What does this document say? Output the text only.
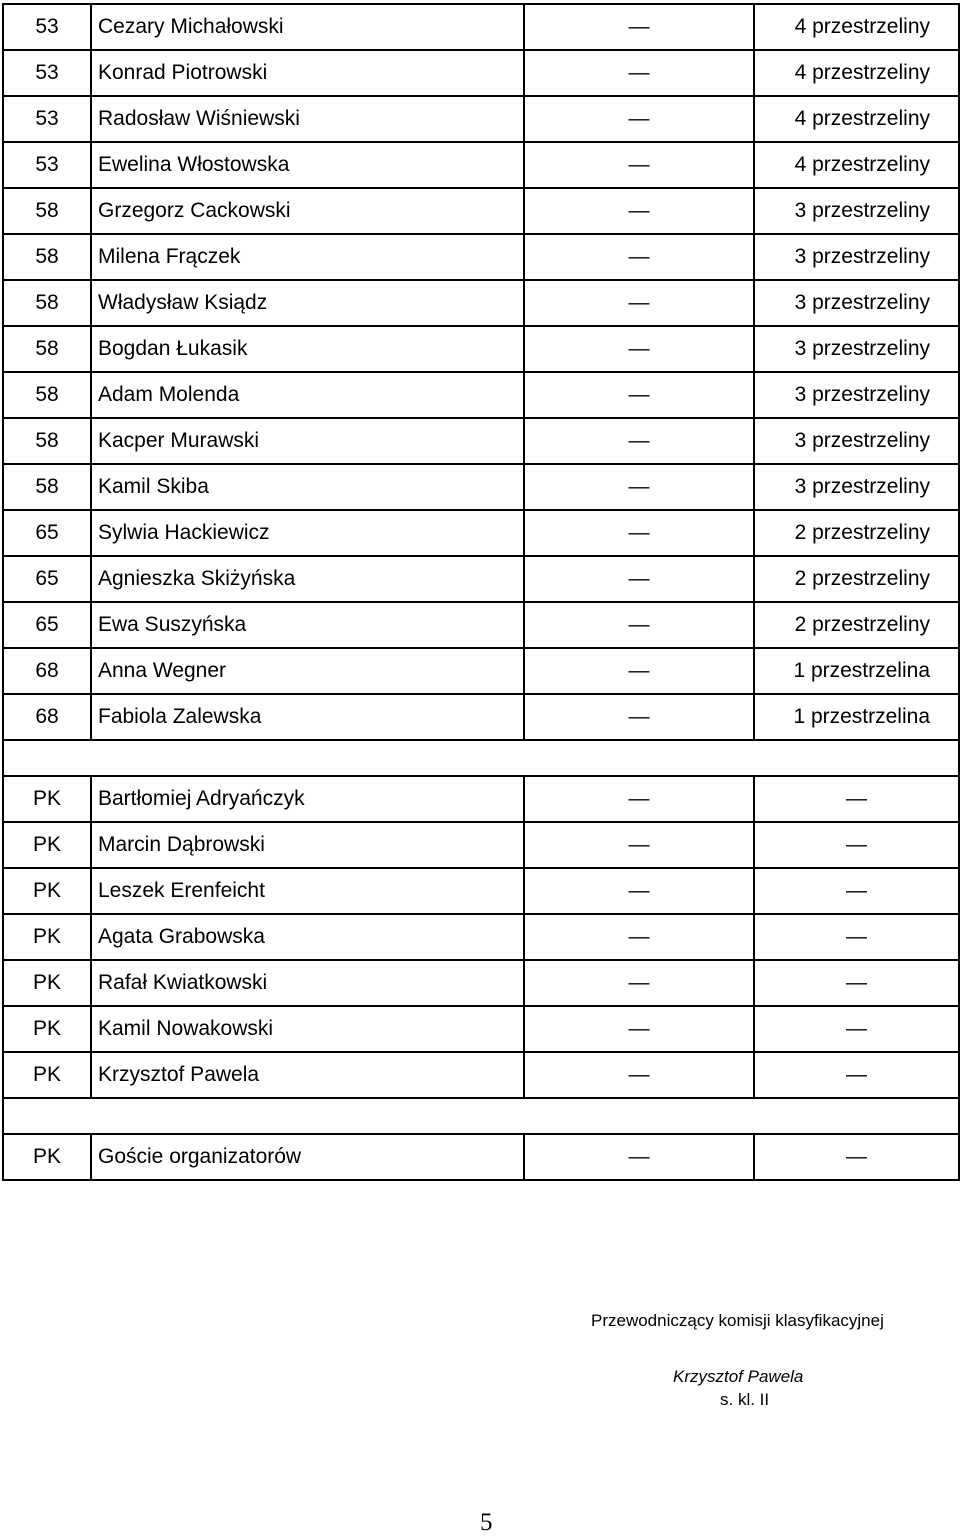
53	Cezary Michałowski	—	4 przestrzeliny
53	Konrad Piotrowski	—	4 przestrzeliny
53	Radosław Wiśniewski	—	4 przestrzeliny
53	Ewelina Włostowska	—	4 przestrzeliny
58	Grzegorz Cackowski	—	3 przestrzeliny
58	Milena Frączek	—	3 przestrzeliny
58	Władysław Ksiądz	—	3 przestrzeliny
58	Bogdan Łukasik	—	3 przestrzeliny
58	Adam Molenda	—	3 przestrzeliny
58	Kacper Murawski	—	3 przestrzeliny
58	Kamil Skiba	—	3 przestrzeliny
65	Sylwia Hackiewicz	—	2 przestrzeliny
65	Agnieszka Skiżyńska	—	2 przestrzeliny
65	Ewa Suszyńska	—	2 przestrzeliny
68	Anna Wegner	—	1 przestrzelina
68	Fabiola Zalewska	—	1 przestrzelina

PK	Bartłomiej Adryańczyk	—	—
PK	Marcin Dąbrowski	—	—
PK	Leszek Erenfeicht	—	—
PK	Agata Grabowska	—	—
PK	Rafał Kwiatkowski	—	—
PK	Kamil Nowakowski	—	—
PK	Krzysztof Pawela	—	—

PK	Goście organizatorów	—	—
Przewodniczący komisji klasyfikacyjnej
Krzysztof Pawela
s. kl. II
5
